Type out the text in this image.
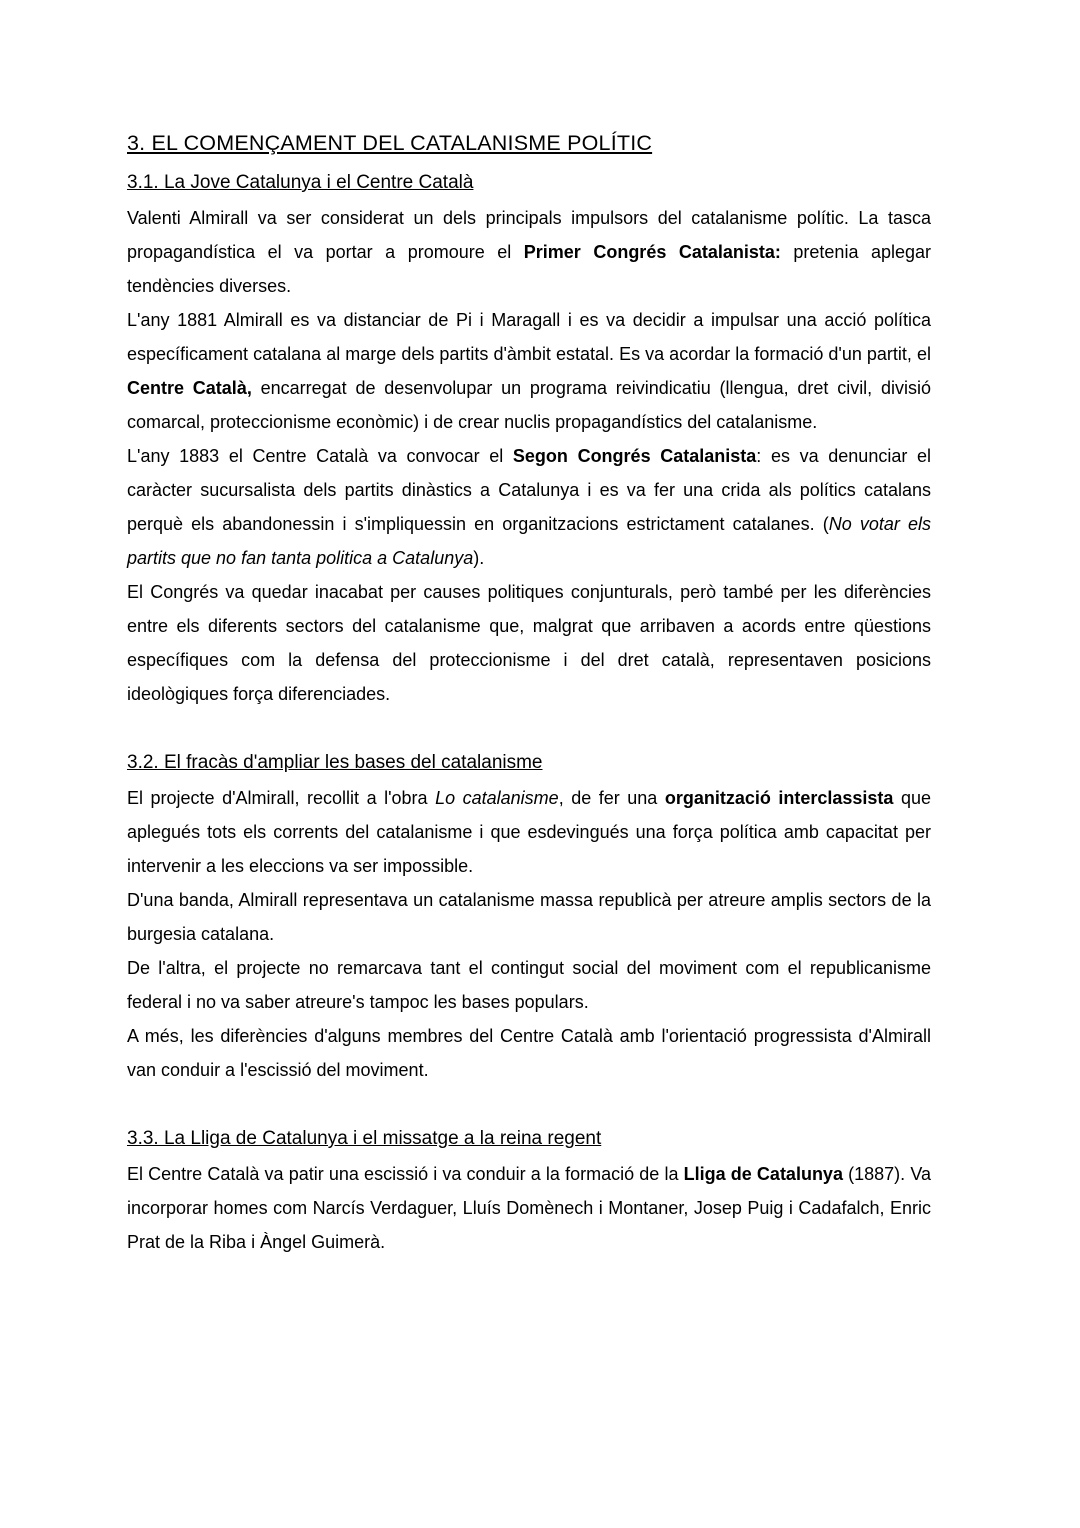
3. EL COMENÇAMENT DEL CATALANISME POLÍTIC
3.1. La Jove Catalunya i el Centre Català

Valenti Almirall va ser considerat un dels principals impulsors del catalanisme polític. La tasca propagandística el va portar a promoure el Primer Congrés Catalanista: pretenia aplegar tendències diverses.

L'any 1881 Almirall es va distanciar de Pi i Maragall i es va decidir a impulsar una acció política específicament catalana al marge dels partits d'àmbit estatal. Es va acordar la formació d'un partit, el Centre Català, encarregat de desenvolupar un programa reivindicatiu (llengua, dret civil, divisió comarcal, proteccionisme econòmic) i de crear nuclis propagandístics del catalanisme.

L'any 1883 el Centre Català va convocar el Segon Congrés Catalanista: es va denunciar el caràcter sucursalista dels partits dinàstics a Catalunya i es va fer una crida als polítics catalans perquè els abandonessin i s'impliquessin en organitzacions estrictament catalanes. (No votar els partits que no fan tanta politica a Catalunya).

El Congrés va quedar inacabat per causes politiques conjunturals, però també per les diferències entre els diferents sectors del catalanisme que, malgrat que arribaven a acords entre qüestions específiques com la defensa del proteccionisme i del dret català, representaven posicions ideològiques força diferenciades.

3.2. El fracàs d'ampliar les bases del catalanisme

El projecte d'Almirall, recollit a l'obra Lo catalanisme, de fer una organització interclassista que aplegués tots els corrents del catalanisme i que esdevingués una força política amb capacitat per intervenir a les eleccions va ser impossible.

D'una banda, Almirall representava un catalanisme massa republicà per atreure amplis sectors de la burgesia catalana.

De l'altra, el projecte no remarcava tant el contingut social del moviment com el republicanisme federal i no va saber atreure's tampoc les bases populars.

A més, les diferències d'alguns membres del Centre Català amb l'orientació progressista d'Almirall van conduir a l'escissió del moviment.

3.3. La Lliga de Catalunya i el missatge a la reina regent

El Centre Català va patir una escissió i va conduir a la formació de la Lliga de Catalunya (1887). Va incorporar homes com Narcís Verdaguer, Lluís Domènech i Montaner, Josep Puig i Cadafalch, Enric Prat de la Riba i Àngel Guimerà.
